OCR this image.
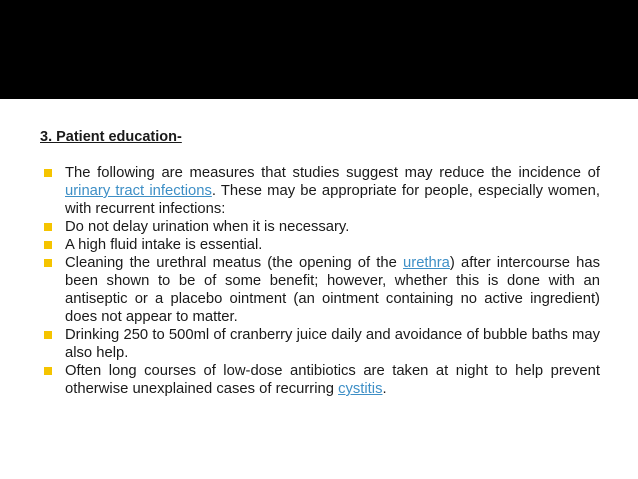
3. Patient education-
The following are measures that studies suggest may reduce the incidence of urinary tract infections. These may be appropriate for people, especially women, with recurrent infections:
Do not delay urination when it is necessary.
A high fluid intake is essential.
Cleaning the urethral meatus (the opening of the urethra) after intercourse has been shown to be of some benefit; however, whether this is done with an antiseptic or a placebo ointment (an ointment containing no active ingredient) does not appear to matter.
Drinking 250 to 500ml of cranberry juice daily and avoidance of bubble baths may also help.
Often long courses of low-dose antibiotics are taken at night to help prevent otherwise unexplained cases of recurring cystitis.
